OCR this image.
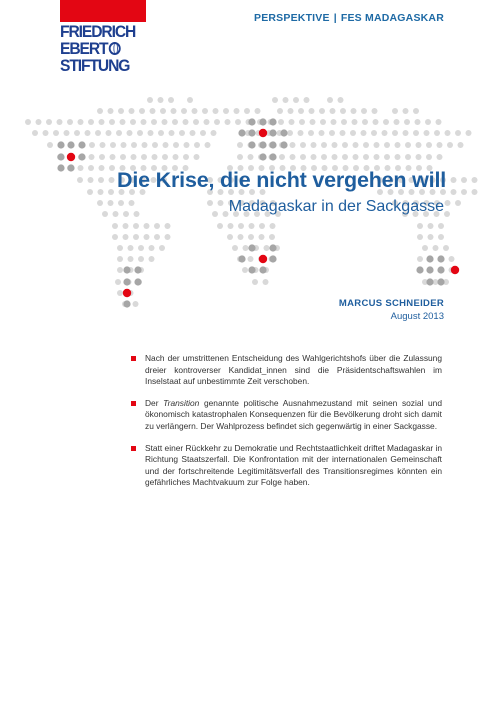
FRIEDRICH
EBERT
STIFTUNG
PERSPEKTIVE | FES MADAGASKAR
Die Krise, die nicht vergehen will
Madagaskar in der Sackgasse
MARCUS SCHNEIDER
August 2013
Nach der umstrittenen Entscheidung des Wahlgerichtshofs über die Zulassung dreier kontroverser Kandidat_innen sind die Präsidentschaftswahlen im Inselstaat auf unbestimmte Zeit verschoben.
Der Transition genannte politische Ausnahmezustand mit seinen sozial und ökonomisch katastrophalen Konsequenzen für die Bevölkerung droht sich damit zu verlängern. Der Wahlprozess befindet sich gegenwärtig in einer Sackgasse.
Statt einer Rückkehr zu Demokratie und Rechtstaatlichkeit driftet Madagaskar in Richtung Staatszerfall. Die Konfrontation mit der internationalen Gemeinschaft und der fortschreitende Legitimitätsverfall des Transitionsregimes könnten ein gefährliches Machtvakuum zur Folge haben.
